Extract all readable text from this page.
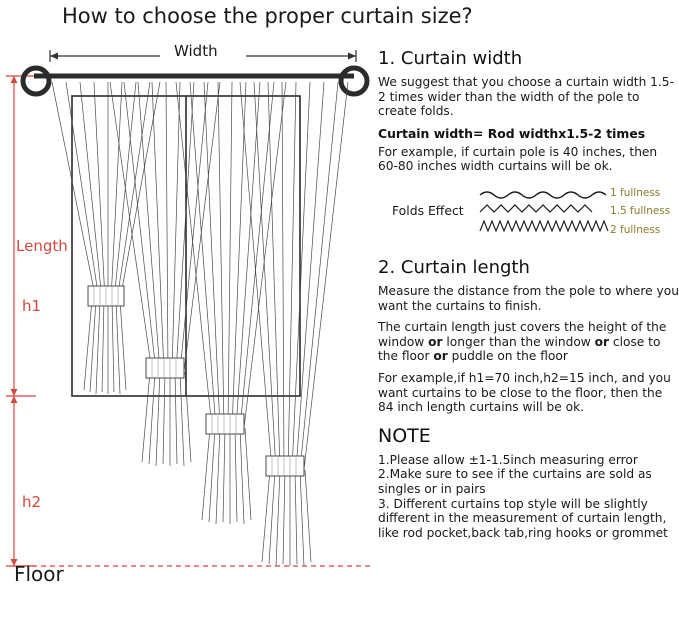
How to choose the proper curtain size?
Width
Length
h1
h2
Floor
1. Curtain width
We suggest that you choose a curtain width 1.5-2 times wider than the width of the pole to create folds.
Curtain width= Rod widthx1.5-2 times
For example, if curtain pole is 40 inches, then 60-80 inches width curtains will be ok.
Folds Effect
1 fullness
1.5 fullness
2 fullness
2. Curtain length
Measure the distance from the pole to where you want the curtains to finish.
The curtain length just covers the height of the window or longer than the window or close to the floor or puddle on the floor
For example,if h1=70 inch,h2=15 inch, and you want curtains to be close to the floor, then the 84 inch length curtains will be ok.
NOTE
1.Please allow ±1-1.5inch measuring error
2.Make sure to see if the curtains are sold as singles or in pairs
3. Different curtains top style will be slightly different in the measurement of curtain length, like rod pocket,back tab,ring hooks or grommet
